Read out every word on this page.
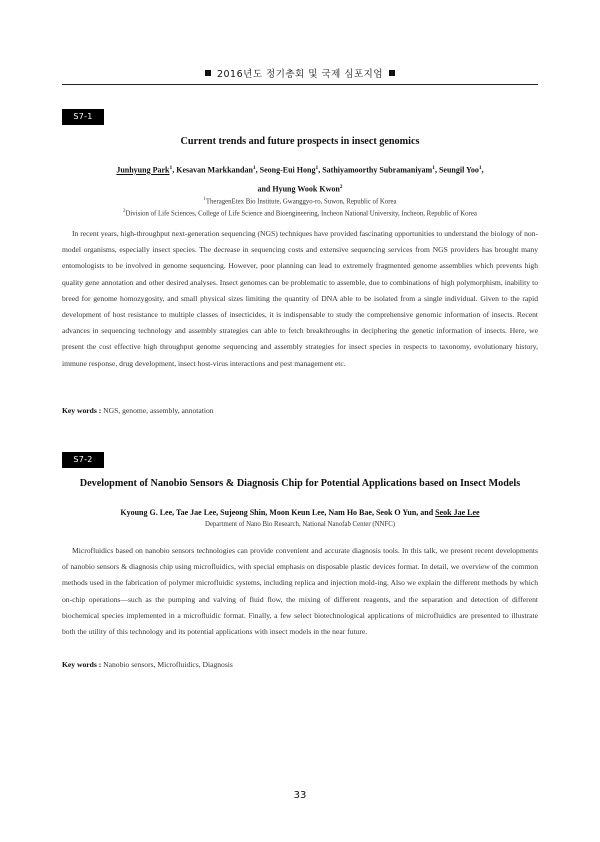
2016년도 정기총회 및 국제 심포지엄
S7-1
Current trends and future prospects in insect genomics
Junhyung Park$^1$, Kesavan Markkandan$^1$, Seong-Eui Hong$^1$, Sathiyamoorthy Subramaniyam$^1$, Seungil Yoo$^1$,
and Hyung Wook Kwon$^2$
$^1$TheragenEtex Bio Institute, Gwanggyo-ro, Suwon, Republic of Korea
$^2$Division of Life Sciences, College of Life Science and Bioengineering, Incheon National University, Incheon, Republic of Korea
In recent years, high-throughput next-generation sequencing (NGS) techniques have provided fascinating opportunities to understand the biology of non-model organisms, especially insect species. The decrease in sequencing costs and extensive sequencing services from NGS providers has brought many entomologists to be involved in genome sequencing. However, poor planning can lead to extremely fragmented genome assemblies which prevents high quality gene annotation and other desired analyses. Insect genomes can be problematic to assemble, due to combinations of high polymorphism, inability to breed for genome homozygosity, and small physical sizes limiting the quantity of DNA able to be isolated from a single individual. Given to the rapid development of host resistance to multiple classes of insecticides, it is indispensable to study the comprehensive genomic information of insects. Recent advances in sequencing technology and assembly strategies can able to fetch breakthroughs in deciphering the genetic information of insects. Here, we present the cost effective high throughput genome sequencing and assembly strategies for insect species in respects to taxonomy, evolutionary history, immune response, drug development, insect host-virus interactions and pest management etc.
Key words : NGS, genome, assembly, annotation
S7-2
Development of Nanobio Sensors & Diagnosis Chip for Potential Applications based on Insect Models
Kyoung G. Lee, Tae Jae Lee, Sujeong Shin, Moon Keun Lee, Nam Ho Bae, Seok O Yun, and Seok Jae Lee
Department of Nano Bio Research, National Nanofab Center (NNFC)
Microfluidics based on nanobio sensors technologies can provide convenient and accurate diagnosis tools. In this talk, we present recent developments of nanobio sensors & diagnosis chip using microfluidics, with special emphasis on disposable plastic devices format. In detail, we overview of the common methods used in the fabrication of polymer microfluidic systems, including replica and injection mold-ing. Also we explain the different methods by which on-chip operations—such as the pumping and valving of fluid flow, the mixing of different reagents, and the separation and detection of different biochemical species implemented in a microfluidic format. Finally, a few select biotechnological applications of microfluidics are presented to illustrate both the utility of this technology and its potential applications with insect models in the near future.
Key words : Nanobio sensors, Microfluidics, Diagnosis
33
